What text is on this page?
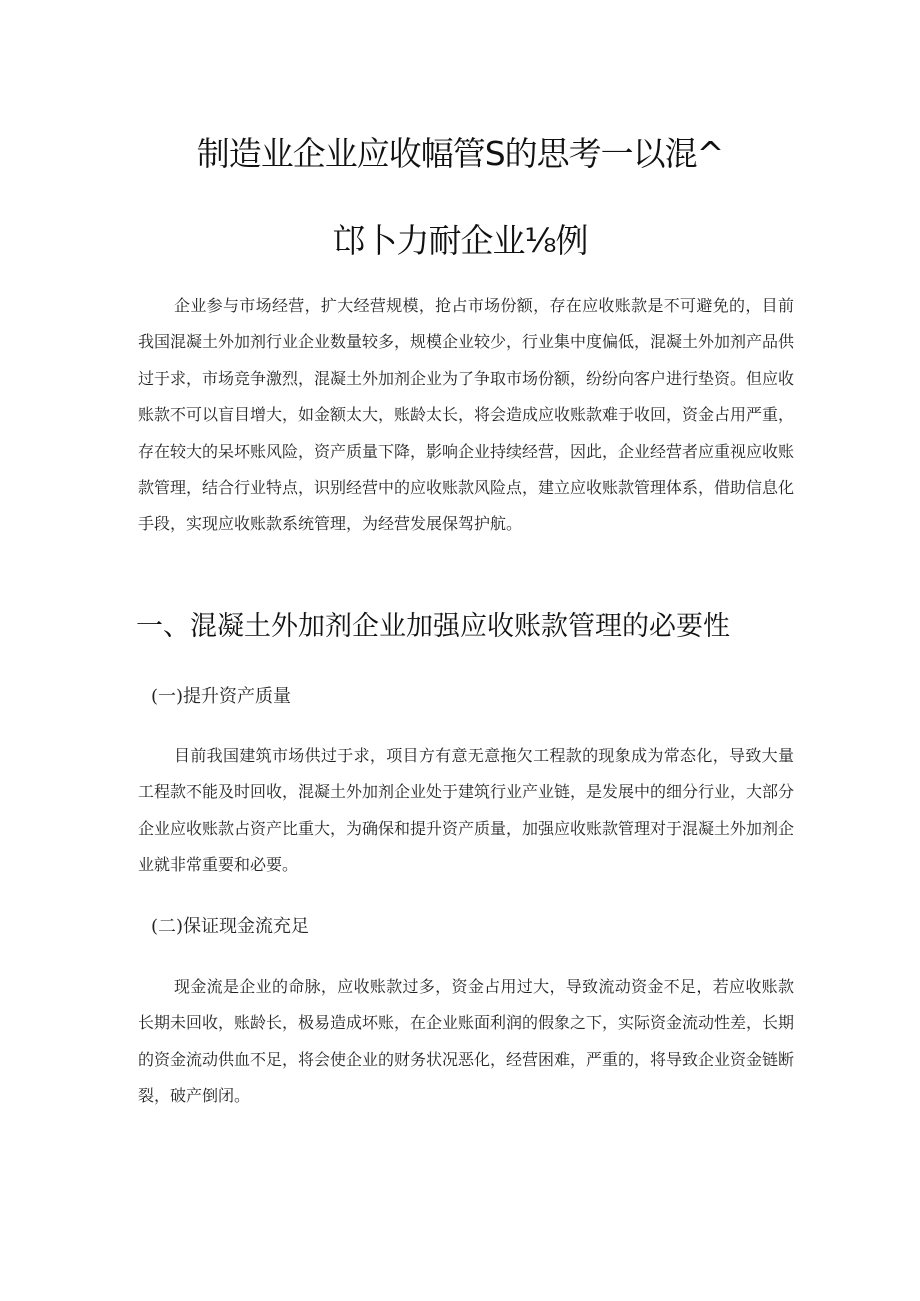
制造业企业应收幅管S的思考一以混^
邙卜力耐企业⅛例

企业参与市场经营，扩大经营规模，抢占市场份额，存在应收账款是不可避免的，目前我国混凝土外加剂行业企业数量较多，规模企业较少，行业集中度偏低，混凝土外加剂产品供过于求，市场竞争激烈，混凝土外加剂企业为了争取市场份额，纷纷向客户进行垫资。但应收账款不可以盲目增大，如金额太大，账龄太长，将会造成应收账款难于收回，资金占用严重，存在较大的呆坏账风险，资产质量下降，影响企业持续经营，因此，企业经营者应重视应收账款管理，结合行业特点，识别经营中的应收账款风险点，建立应收账款管理体系，借助信息化手段，实现应收账款系统管理，为经营发展保驾护航。

一、混凝土外加剂企业加强应收账款管理的必要性
(一)提升资产质量

目前我国建筑市场供过于求，项目方有意无意拖欠工程款的现象成为常态化，导致大量工程款不能及时回收，混凝土外加剂企业处于建筑行业产业链，是发展中的细分行业，大部分企业应收账款占资产比重大，为确保和提升资产质量，加强应收账款管理对于混凝土外加剂企业就非常重要和必要。

(二)保证现金流充足

现金流是企业的命脉，应收账款过多，资金占用过大，导致流动资金不足，若应收账款长期未回收，账龄长，极易造成坏账，在企业账面利润的假象之下，实际资金流动性差，长期的资金流动供血不足，将会使企业的财务状况恶化，经营困难，严重的，将导致企业资金链断裂，破产倒闭。
